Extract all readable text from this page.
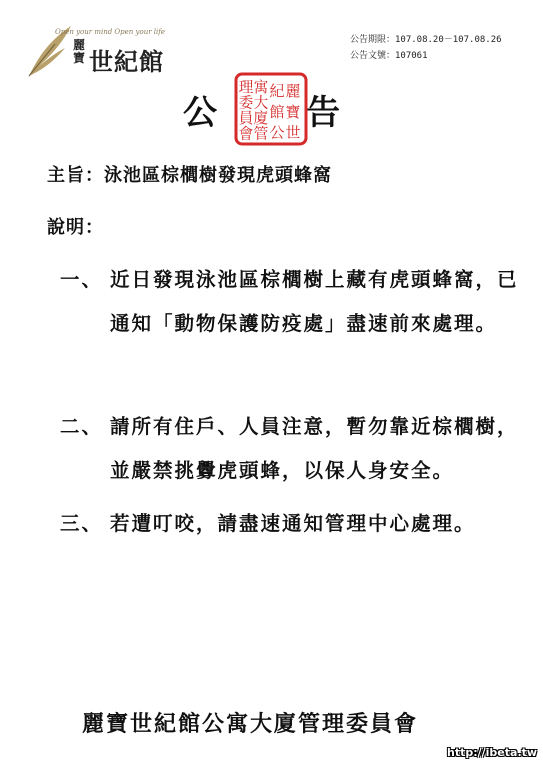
Open your mind Open your life
麗寶 世紀館
公告期限：107.08.20－107.08.26
公告文號：107061
公	告
麗
寶
世
紀
館
公
寓
大
廈
管
理
委
員
會
主旨：泳池區棕櫚樹發現虎頭蜂窩
說明：
一、 近日發現泳池區棕櫚樹上藏有虎頭蜂窩，已通知「動物保護防疫處」盡速前來處理。
二、 請所有住戶、人員注意，暫勿靠近棕櫚樹，並嚴禁挑釁虎頭蜂，以保人身安全。
三、 若遭叮咬，請盡速通知管理中心處理。
麗寶世紀館公寓大廈管理委員會
http://ibeta.tw
